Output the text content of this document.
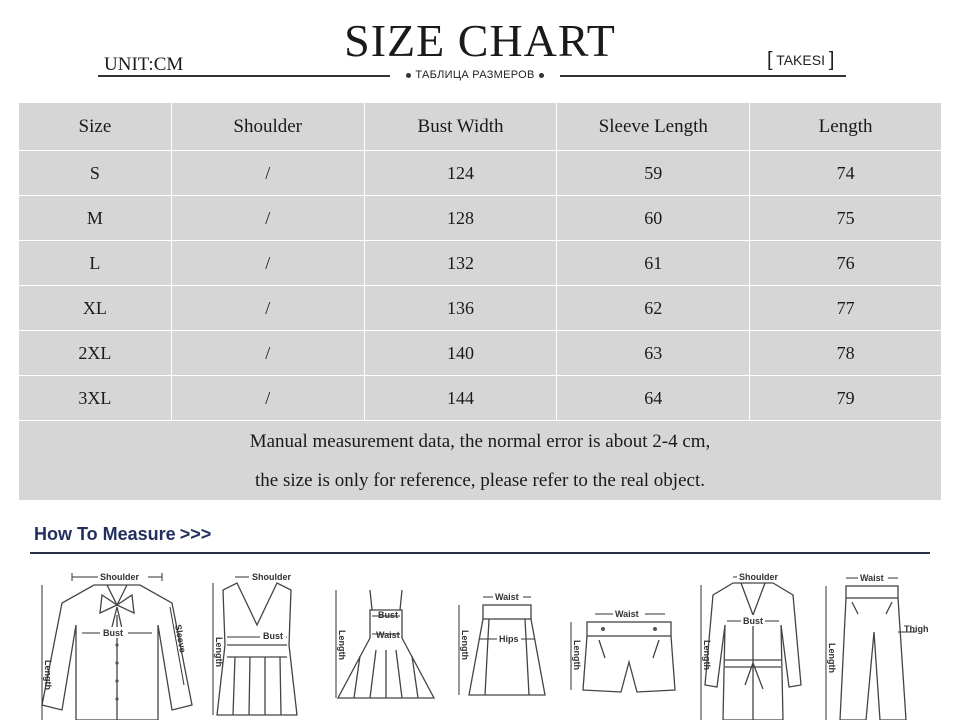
SIZE CHART
UNIT:CM	ТАБЛИЦА РАЗМЕРОВ
[ TAKESI ]
Size	Shoulder	Bust Width	Sleeve Length	Length
S	/	124	59	74
M	/	128	60	75
L	/	132	61	76
XL	/	136	62	77
2XL	/	140	63	78
3XL	/	144	64	79

Manual measurement data, the normal error is about 2-4 cm,
the size is only for reference, please refer to the real object.				
How To Measure >>>
Shoulder
Bust
Length
Sleeve
Shoulder
Bust
Length
Bust
Waist
Length
Waist
Hips
Length
Waist
Length
Shoulder
Bust
Length
Waist
Thigh
Length
